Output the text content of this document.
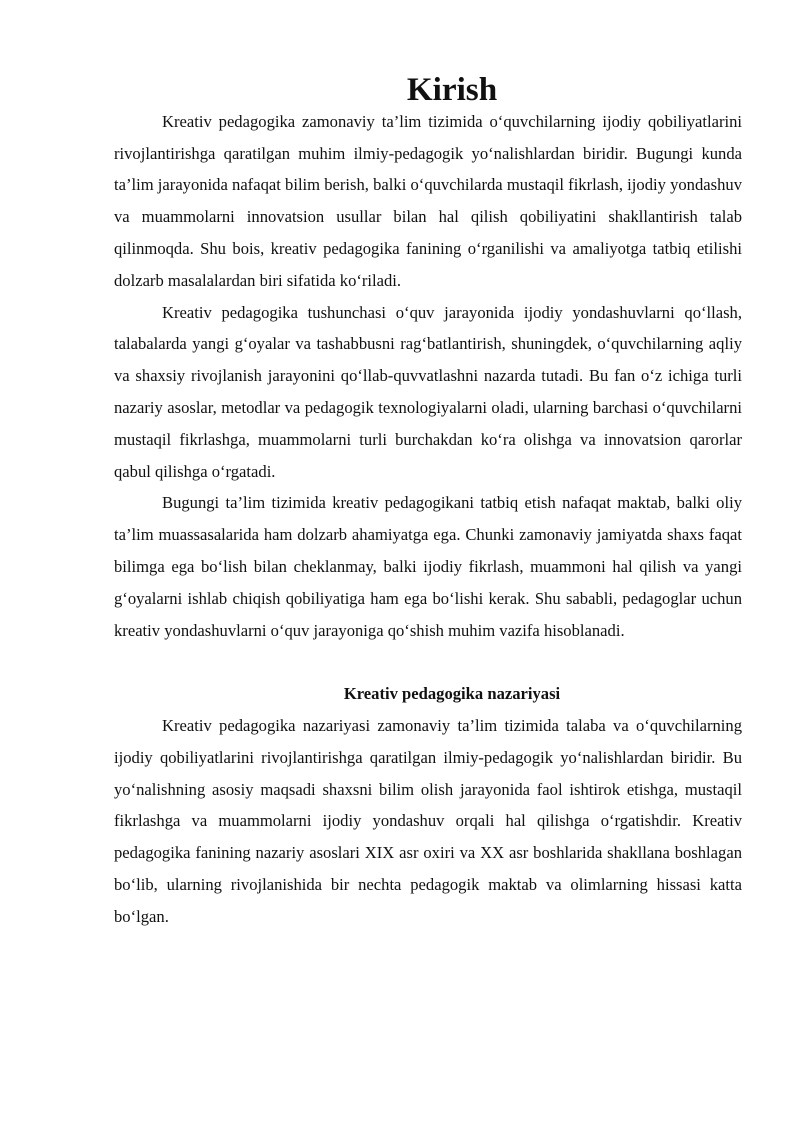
Kirish

Kreativ pedagogika zamonaviy ta’lim tizimida o‘quvchilarning ijodiy qobiliyatlarini rivojlantirishga qaratilgan muhim ilmiy-pedagogik yo‘nalishlardan biridir. Bugungi kunda ta’lim jarayonida nafaqat bilim berish, balki o‘quvchilarda mustaqil fikrlash, ijodiy yondashuv va muammolarni innovatsion usullar bilan hal qilish qobiliyatini shakllantirish talab qilinmoqda. Shu bois, kreativ pedagogika fanining o‘rganilishi va amaliyotga tatbiq etilishi dolzarb masalalardan biri sifatida ko‘riladi.

Kreativ pedagogika tushunchasi o‘quv jarayonida ijodiy yondashuvlarni qo‘llash, talabalarda yangi g‘oyalar va tashabbusni rag‘batlantirish, shuningdek, o‘quvchilarning aqliy va shaxsiy rivojlanish jarayonini qo‘llab-quvvatlashni nazarda tutadi. Bu fan o‘z ichiga turli nazariy asoslar, metodlar va pedagogik texnologiyalarni oladi, ularning barchasi o‘quvchilarni mustaqil fikrlashga, muammolarni turli burchakdan ko‘ra olishga va innovatsion qarorlar qabul qilishga o‘rgatadi.

Bugungi ta’lim tizimida kreativ pedagogikani tatbiq etish nafaqat maktab, balki oliy ta’lim muassasalarida ham dolzarb ahamiyatga ega. Chunki zamonaviy jamiyatda shaxs faqat bilimga ega bo‘lish bilan cheklanmay, balki ijodiy fikrlash, muammoni hal qilish va yangi g‘oyalarni ishlab chiqish qobiliyatiga ham ega bo‘lishi kerak. Shu sababli, pedagoglar uchun kreativ yondashuvlarni o‘quv jarayoniga qo‘shish muhim vazifa hisoblanadi.

Kreativ pedagogika nazariyasi

Kreativ pedagogika nazariyasi zamonaviy ta’lim tizimida talaba va o‘quvchilarning ijodiy qobiliyatlarini rivojlantirishga qaratilgan ilmiy-pedagogik yo‘nalishlardan biridir. Bu yo‘nalishning asosiy maqsadi shaxsni bilim olish jarayonida faol ishtirok etishga, mustaqil fikrlashga va muammolarni ijodiy yondashuv orqali hal qilishga o‘rgatishdir. Kreativ pedagogika fanining nazariy asoslari XIX asr oxiri va XX asr boshlarida shakllana boshlagan bo‘lib, ularning rivojlanishida bir nechta pedagogik maktab va olimlarning hissasi katta bo‘lgan.
